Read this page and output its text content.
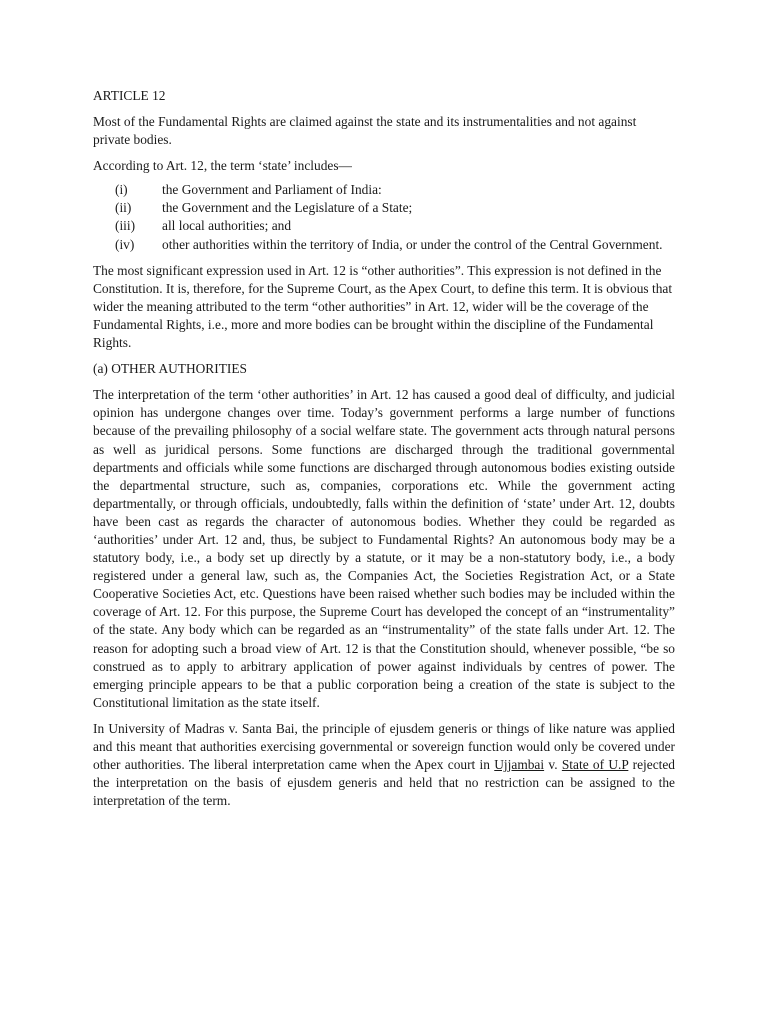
ARTICLE 12

Most of the Fundamental Rights are claimed against the state and its instrumentalities and not against private bodies.

According to Art. 12, the term ‘state’ includes—

(i)	the Government and Parliament of India:
(ii)	the Government and the Legislature of a State;
(iii)	all local authorities; and
(iv)	other authorities within the territory of India, or under the control of the Central Government.

The most significant expression used in Art. 12 is “other authorities”. This expression is not defined in the Constitution. It is, therefore, for the Supreme Court, as the Apex Court, to define this term. It is obvious that wider the meaning attributed to the term “other authorities” in Art. 12, wider will be the coverage of the Fundamental Rights, i.e., more and more bodies can be brought within the discipline of the Fundamental Rights.

(a) OTHER AUTHORITIES

The interpretation of the term ‘other authorities’ in Art. 12 has caused a good deal of difficulty, and judicial opinion has undergone changes over time. Today’s government performs a large number of functions because of the prevailing philosophy of a social welfare state. The government acts through natural persons as well as juridical persons. Some functions are discharged through the traditional governmental departments and officials while some functions are discharged through autonomous bodies existing outside the departmental structure, such as, companies, corporations etc. While the government acting departmentally, or through officials, undoubtedly, falls within the definition of ‘state’ under Art. 12, doubts have been cast as regards the character of autonomous bodies. Whether they could be regarded as ‘authorities’ under Art. 12 and, thus, be subject to Fundamental Rights? An autonomous body may be a statutory body, i.e., a body set up directly by a statute, or it may be a non-statutory body, i.e., a body registered under a general law, such as, the Companies Act, the Societies Registration Act, or a State Cooperative Societies Act, etc. Questions have been raised whether such bodies may be included within the coverage of Art. 12. For this purpose, the Supreme Court has developed the concept of an “instrumentality” of the state. Any body which can be regarded as an “instrumentality” of the state falls under Art. 12. The reason for adopting such a broad view of Art. 12 is that the Constitution should, whenever possible, “be so construed as to apply to arbitrary application of power against individuals by centres of power. The emerging principle appears to be that a public corporation being a creation of the state is subject to the Constitutional limitation as the state itself.

In University of Madras v. Santa Bai, the principle of ejusdem generis or things of like nature was applied and this meant that authorities exercising governmental or sovereign function would only be covered under other authorities. The liberal interpretation came when the Apex court in Ujjambai v. State of U.P rejected the interpretation on the basis of ejusdem generis and held that no restriction can be assigned to the interpretation of the term.
